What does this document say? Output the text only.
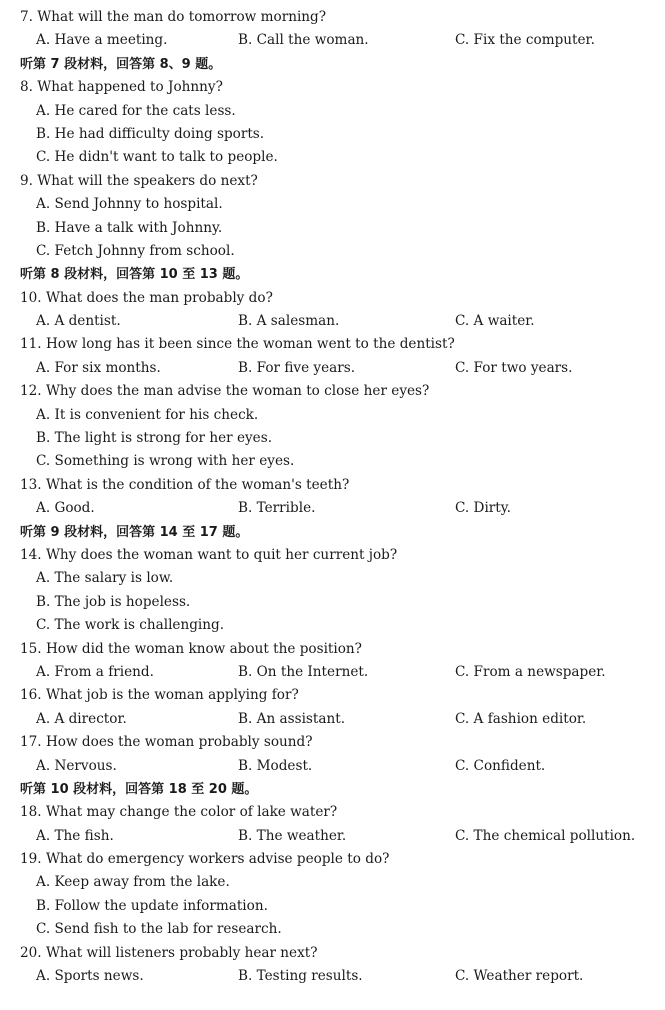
7. What will the man do tomorrow morning?
A. Have a meeting.	B. Call the woman.	C. Fix the computer.
听第 7 段材料，回答第 8、9 题。
8. What happened to Johnny?
A. He cared for the cats less.
B. He had difficulty doing sports.
C. He didn't want to talk to people.
9. What will the speakers do next?
A. Send Johnny to hospital.
B. Have a talk with Johnny.
C. Fetch Johnny from school.
听第 8 段材料，回答第 10 至 13 题。
10. What does the man probably do?
A. A dentist.	B. A salesman.	C. A waiter.
11. How long has it been since the woman went to the dentist?
A. For six months.	B. For five years.	C. For two years.
12. Why does the man advise the woman to close her eyes?
A. It is convenient for his check.
B. The light is strong for her eyes.
C. Something is wrong with her eyes.
13. What is the condition of the woman's teeth?
A. Good.	B. Terrible.	C. Dirty.
听第 9 段材料，回答第 14 至 17 题。
14. Why does the woman want to quit her current job?
A. The salary is low.
B. The job is hopeless.
C. The work is challenging.
15. How did the woman know about the position?
A. From a friend.	B. On the Internet.	C. From a newspaper.
16. What job is the woman applying for?
A. A director.	B. An assistant.	C. A fashion editor.
17. How does the woman probably sound?
A. Nervous.	B. Modest.	C. Confident.
听第 10 段材料，回答第 18 至 20 题。
18. What may change the color of lake water?
A. The fish.	B. The weather.	C. The chemical pollution.
19. What do emergency workers advise people to do?
A. Keep away from the lake.
B. Follow the update information.
C. Send fish to the lab for research.
20. What will listeners probably hear next?
A. Sports news.	B. Testing results.	C. Weather report.
